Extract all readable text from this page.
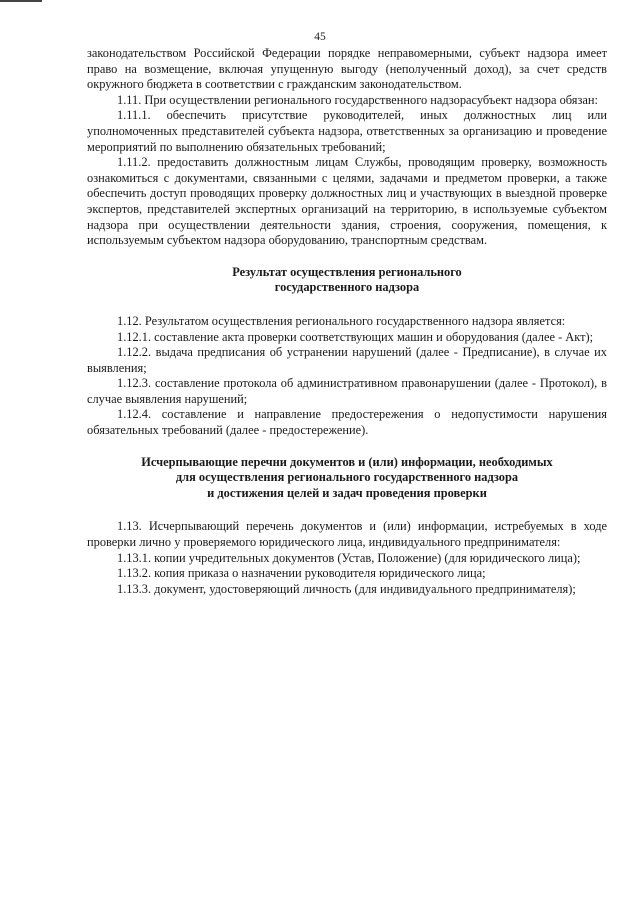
45

законодательством Российской Федерации порядке неправомерными, субъект надзора имеет право на возмещение, включая упущенную выгоду (неполученный доход), за счет средств окружного бюджета в соответствии с гражданским законодательством.

1.11. При осуществлении регионального государственного надзорасубъект надзора обязан:

1.11.1. обеспечить присутствие руководителей, иных должностных лиц или уполномоченных представителей субъекта надзора, ответственных за организацию и проведение мероприятий по выполнению обязательных требований;

1.11.2. предоставить должностным лицам Службы, проводящим проверку, возможность ознакомиться с документами, связанными с целями, задачами и предметом проверки, а также обеспечить доступ проводящих проверку должностных лиц и участвующих в выездной проверке экспертов, представителей экспертных организаций на территорию, в используемые субъектом надзора при осуществлении деятельности здания, строения, сооружения, помещения, к используемым субъектом надзора оборудованию, транспортным средствам.

Результат осуществления регионального
государственного надзора

1.12. Результатом осуществления регионального государственного надзора является:

1.12.1. составление акта проверки соответствующих машин и оборудования (далее - Акт);

1.12.2. выдача предписания об устранении нарушений (далее - Предписание), в случае их выявления;

1.12.3. составление протокола об административном правонарушении (далее - Протокол), в случае выявления нарушений;

1.12.4. составление и направление предостережения о недопустимости нарушения обязательных требований (далее - предостережение).

Исчерпывающие перечни документов и (или) информации, необходимых
для осуществления регионального государственного надзора
и достижения целей и задач проведения проверки

1.13. Исчерпывающий перечень документов и (или) информации, истребуемых в ходе проверки лично у проверяемого юридического лица, индивидуального предпринимателя:

1.13.1. копии учредительных документов (Устав, Положение) (для юридического лица);

1.13.2. копия приказа о назначении руководителя юридического лица;

1.13.3. документ, удостоверяющий личность (для индивидуального предпринимателя);
